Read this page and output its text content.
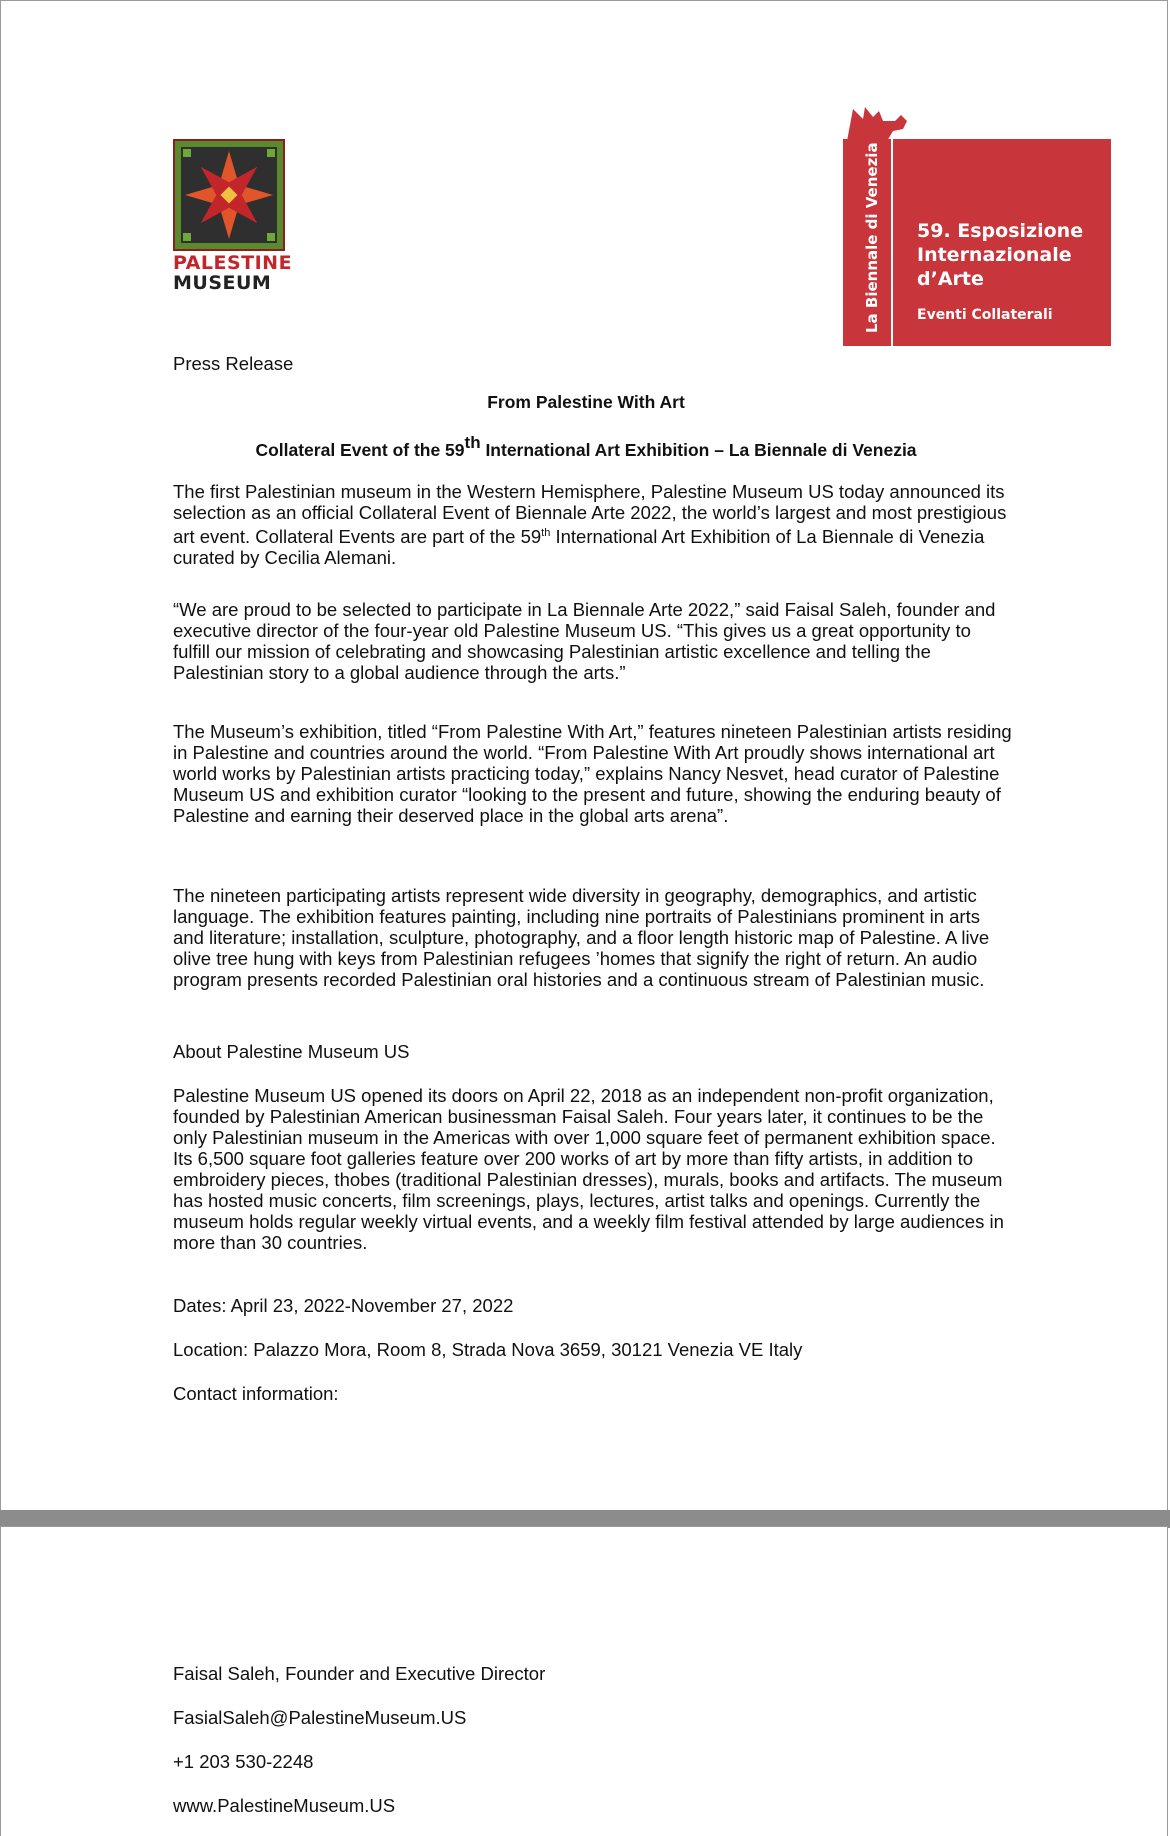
PALESTINE
MUSEUM	La Biennale di Venezia 59. Esposizione
Internazionale
d’Arte
Eventi Collaterali
Press Release
From Palestine With Art
Collateral Event of the 59th International Art Exhibition – La Biennale di Venezia

The first Palestinian museum in the Western Hemisphere, Palestine Museum US today announced its selection as an official Collateral Event of Biennale Arte 2022, the world’s largest and most prestigious art event. Collateral Events are part of the 59th International Art Exhibition of La Biennale di Venezia curated by Cecilia Alemani.

“We are proud to be selected to participate in La Biennale Arte 2022,” said Faisal Saleh, founder and executive director of the four-year old Palestine Museum US. “This gives us a great opportunity to fulfill our mission of celebrating and showcasing Palestinian artistic excellence and telling the Palestinian story to a global audience through the arts.”

The Museum’s exhibition, titled “From Palestine With Art,” features nineteen Palestinian artists residing in Palestine and countries around the world. “From Palestine With Art proudly shows international art world works by Palestinian artists practicing today,” explains Nancy Nesvet, head curator of Palestine Museum US and exhibition curator “looking to the present and future, showing the enduring beauty of Palestine and earning their deserved place in the global arts arena”.

The nineteen participating artists represent wide diversity in geography, demographics, and artistic language. The exhibition features painting, including nine portraits of Palestinians prominent in arts and literature; installation, sculpture, photography, and a floor length historic map of Palestine. A live olive tree hung with keys from Palestinian refugees ’homes that signify the right of return. An audio program presents recorded Palestinian oral histories and a continuous stream of Palestinian music.

About Palestine Museum US

Palestine Museum US opened its doors on April 22, 2018 as an independent non-profit organization, founded by Palestinian American businessman Faisal Saleh. Four years later, it continues to be the only Palestinian museum in the Americas with over 1,000 square feet of permanent exhibition space. Its 6,500 square foot galleries feature over 200 works of art by more than fifty artists, in addition to embroidery pieces, thobes (traditional Palestinian dresses), murals, books and artifacts. The museum has hosted music concerts, film screenings, plays, lectures, artist talks and openings. Currently the museum holds regular weekly virtual events, and a weekly film festival attended by large audiences in more than 30 countries.

Dates: April 23, 2022-November 27, 2022
Location: Palazzo Mora, Room 8, Strada Nova 3659, 30121 Venezia VE Italy
Contact information:
Faisal Saleh, Founder and Executive Director
FasialSaleh@PalestineMuseum.US
+1 203 530-2248
www.PalestineMuseum.US
